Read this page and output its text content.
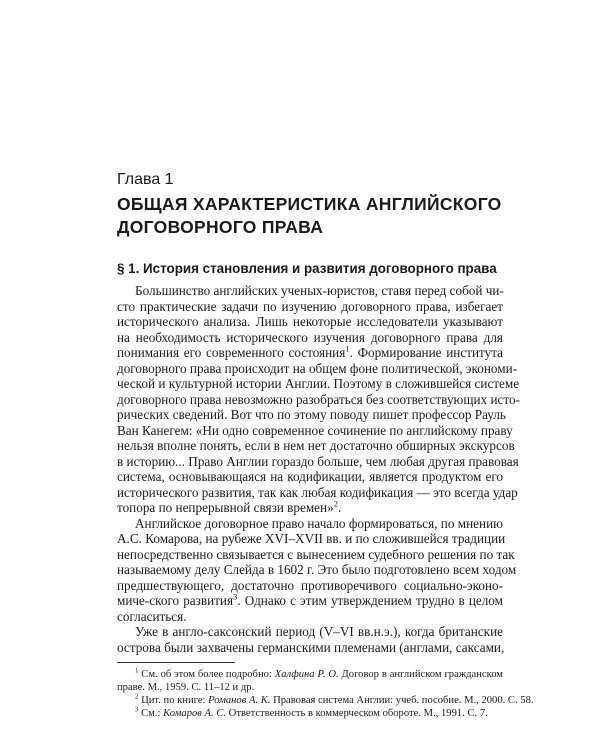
Глава 1
ОБЩАЯ ХАРАКТЕРИСТИКА АНГЛИЙСКОГО
ДОГОВОРНОГО ПРАВА
§ 1. История становления и развития договорного права
Большинство английских ученых-юристов, ставя перед собой чи-
сто практические задачи по изучению договорного права, избегает
исторического анализа. Лишь некоторые исследователи указывают
на необходимость исторического изучения договорного права для
понимания его современного состояния$^1$. Формирование института
договорного права происходит на общем фоне политической, экономи-
ческой и культурной истории Англии. Поэтому в сложившейся системе
договорного права невозможно разобраться без соответствующих исто-
рических сведений. Вот что по этому поводу пишет профессор Рауль
Ван Канегем: «Ни одно современное сочинение по английскому праву
нельзя вполне понять, если в нем нет достаточно обширных экскурсов
в историю... Право Англии гораздо больше, чем любая другая правовая
система, основывающаяся на кодификации, является продуктом его
исторического развития, так как любая кодификация — это всегда удар
топора по непрерывной связи времен»$^2$.
Английское договорное право начало формироваться, по мнению
А.С. Комарова, на рубеже XVI–XVII вв. и по сложившейся традиции
непосредственно связывается с вынесением судебного решения по так
называемому делу Слейда в 1602 г. Это было подготовлено всем ходом
предшествующего, достаточно противоречивого социально-эконо-
миче-ского развития$^3$. Однако с этим утверждением трудно в целом
согласиться.
Уже в англо-саксонский период (V–VI вв.н.э.), когда британские
острова были захвачены германскими племенами (англами, саксами,
$^1$ См. об этом более подробно: Халфина Р. О. Договор в английском гражданском
праве. М., 1959. С. 11–12 и др.
$^2$ Цит. по книге: Романов А. К. Правовая система Англии: учеб. пособие. М., 2000. С. 58.
$^3$ См.: Комаров А. С. Ответственность в коммерческом обороте. М., 1991. С. 7.
